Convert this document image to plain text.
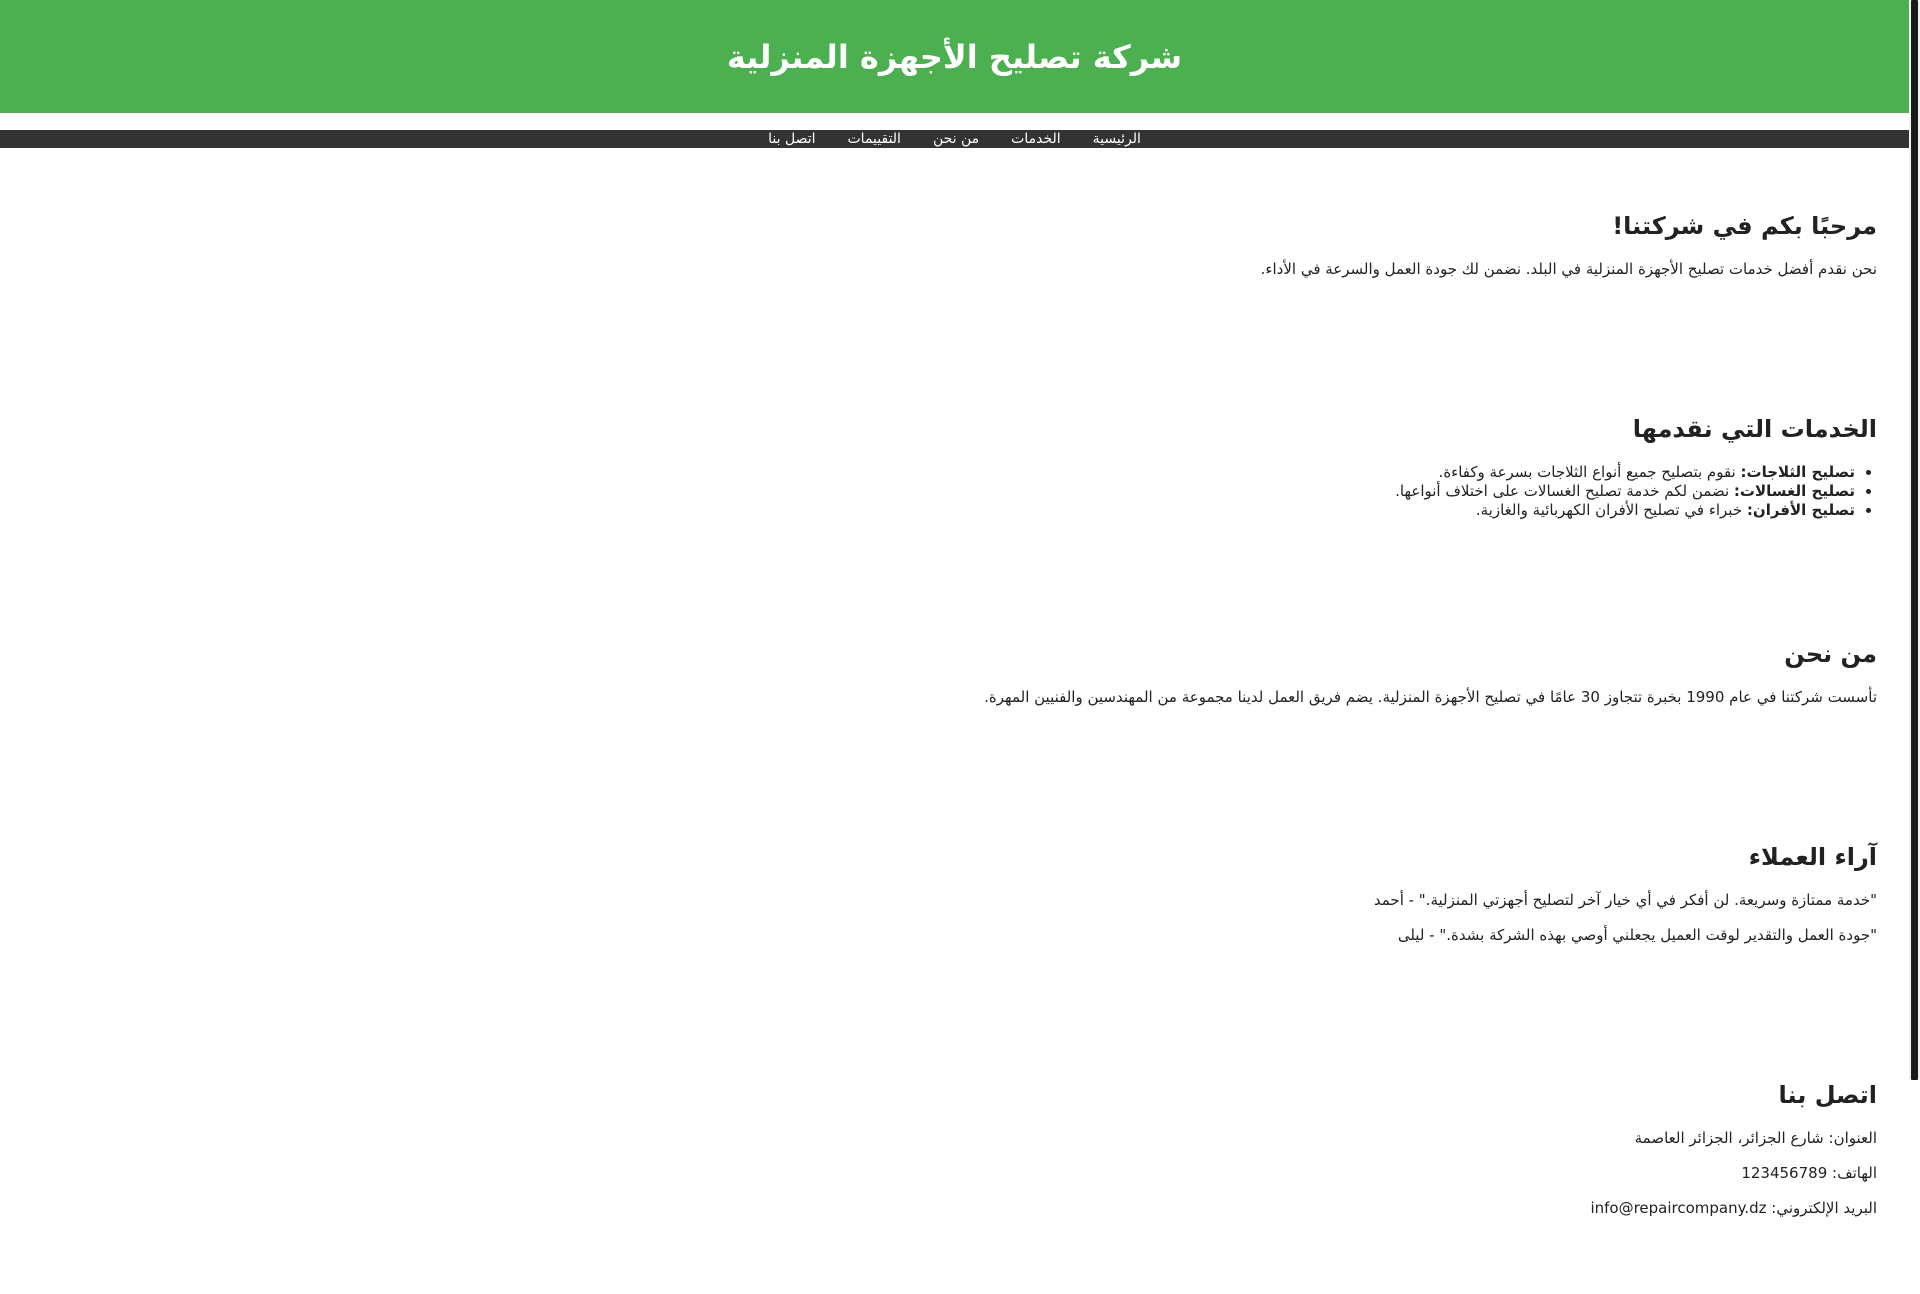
شركة تصليح الأجهزة المنزلية
الرئيسية
الخدمات
من نحن
التقييمات
اتصل بنا
مرحبًا بكم في شركتنا!

نحن نقدم أفضل خدمات تصليح الأجهزة المنزلية في البلد. نضمن لك جودة العمل والسرعة في الأداء.

الخدمات التي نقدمها
• تصليح الثلاجات: نقوم بتصليح جميع أنواع الثلاجات بسرعة وكفاءة.
• تصليح الغسالات: نضمن لكم خدمة تصليح الغسالات على اختلاف أنواعها.
• تصليح الأفران: خبراء في تصليح الأفران الكهربائية والغازية.
من نحن

تأسست شركتنا في عام 1990 بخبرة تتجاوز 30 عامًا في تصليح الأجهزة المنزلية. يضم فريق العمل لدينا مجموعة من المهندسين والفنيين المهرة.

آراء العملاء

"خدمة ممتازة وسريعة. لن أفكر في أي خيار آخر لتصليح أجهزتي المنزلية." - أحمد

"جودة العمل والتقدير لوقت العميل يجعلني أوصي بهذه الشركة بشدة." - ليلى

اتصل بنا

العنوان: شارع الجزائر، الجزائر العاصمة

الهاتف: 123456789

البريد الإلكتروني: info@repaircompany.dz
